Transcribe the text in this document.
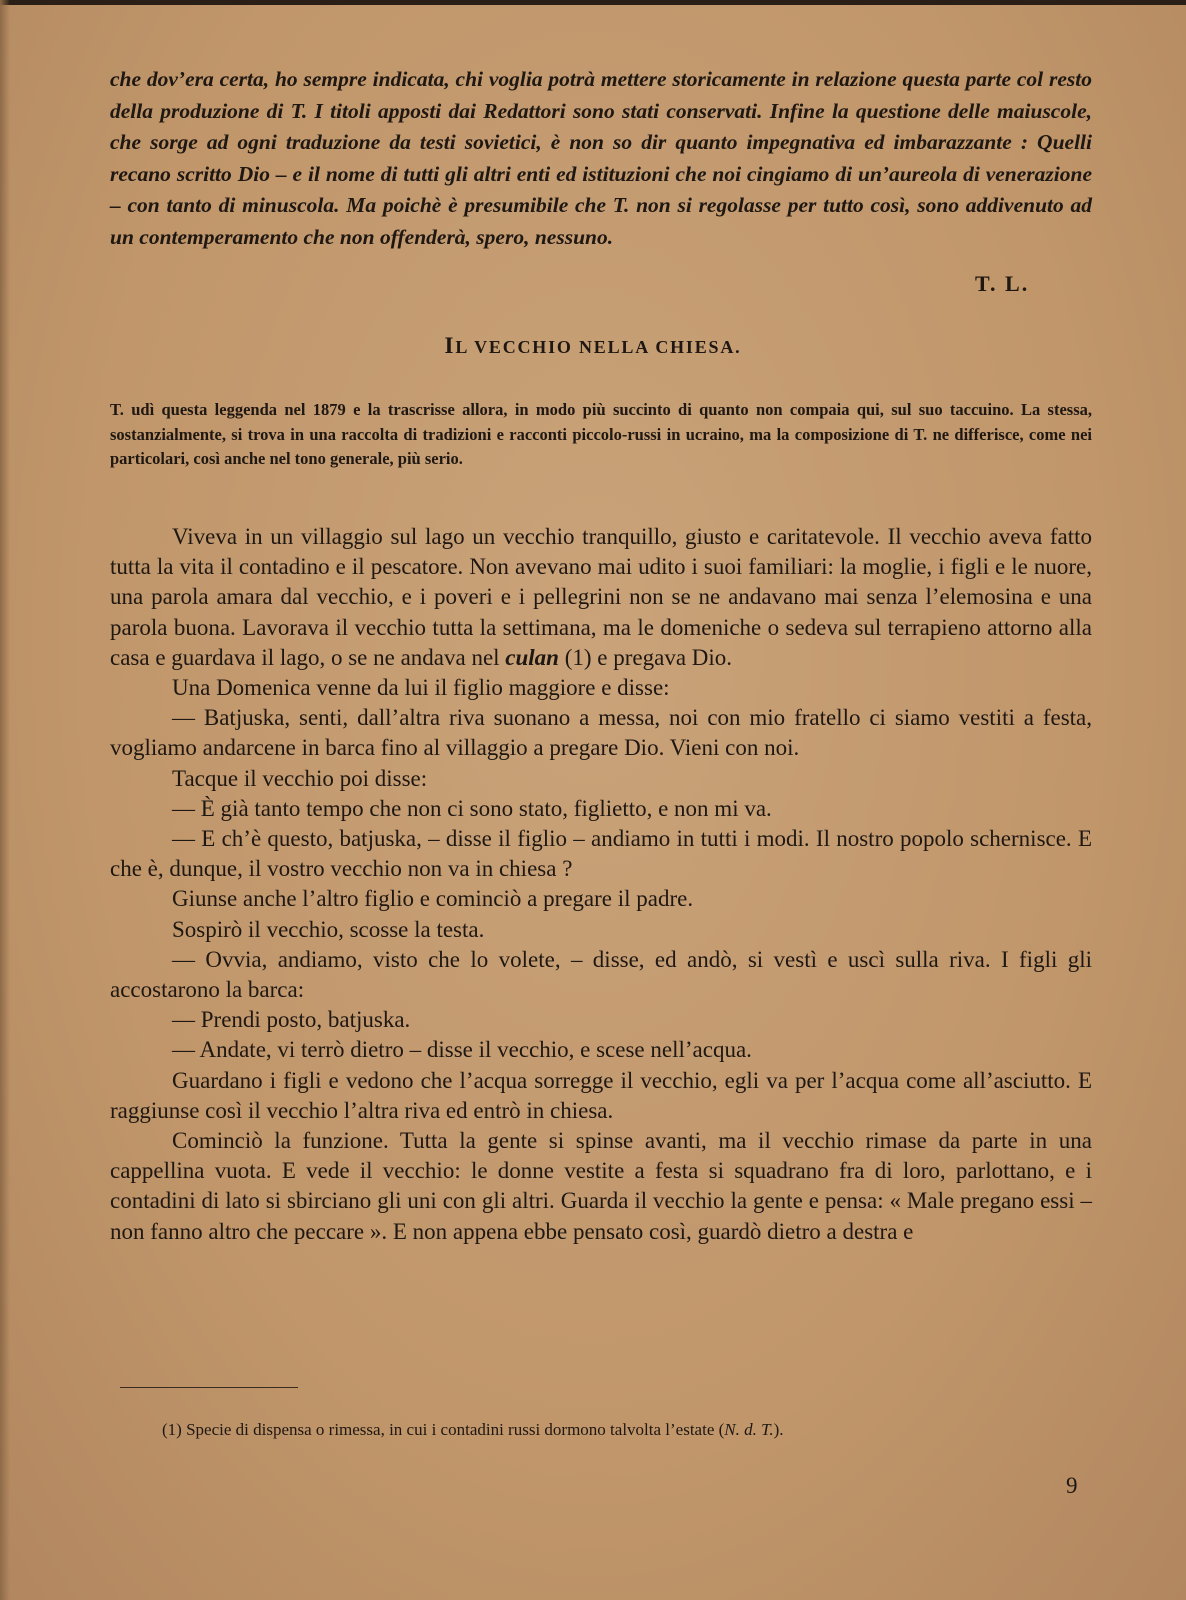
che dov’era certa, ho sempre indicata, chi voglia potrà mettere storicamente in relazione questa parte col resto della produzione di T. I titoli apposti dai Redattori sono stati conservati. Infine la questione delle maiuscole, che sorge ad ogni traduzione da testi sovietici, è non so dir quanto impegnativa ed imbarazzante : Quelli recano scritto Dio – e il nome di tutti gli altri enti ed istituzioni che noi cingiamo di un’aureola di venerazione – con tanto di minuscola. Ma poichè è presumibile che T. non si regolasse per tutto così, sono addivenuto ad un contemperamento che non offenderà, spero, nessuno.

T. L.
IL VECCHIO NELLA CHIESA.

T. udì questa leggenda nel 1879 e la trascrisse allora, in modo più succinto di quanto non compaia qui, sul suo taccuino. La stessa, sostanzialmente, si trova in una raccolta di tradizioni e racconti piccolo-russi in ucraino, ma la composizione di T. ne differisce, come nei particolari, così anche nel tono generale, più serio.

Viveva in un villaggio sul lago un vecchio tranquillo, giusto e caritatevole. Il vecchio aveva fatto tutta la vita il contadino e il pescatore. Non avevano mai udito i suoi familiari: la moglie, i figli e le nuore, una parola amara dal vecchio, e i poveri e i pellegrini non se ne andavano mai senza l’elemosina e una parola buona. Lavorava il vecchio tutta la settimana, ma le domeniche o sedeva sul terrapieno attorno alla casa e guardava il lago, o se ne andava nel culan (1) e pregava Dio.

Una Domenica venne da lui il figlio maggiore e disse:

— Batjuska, senti, dall’altra riva suonano a messa, noi con mio fratello ci siamo vestiti a festa, vogliamo andarcene in barca fino al villaggio a pregare Dio. Vieni con noi.

Tacque il vecchio poi disse:

— È già tanto tempo che non ci sono stato, figlietto, e non mi va.

— E ch’è questo, batjuska, – disse il figlio – andiamo in tutti i modi. Il nostro popolo schernisce. E che è, dunque, il vostro vecchio non va in chiesa ?

Giunse anche l’altro figlio e cominciò a pregare il padre.

Sospirò il vecchio, scosse la testa.

— Ovvia, andiamo, visto che lo volete, – disse, ed andò, si vestì e uscì sulla riva. I figli gli accostarono la barca:

— Prendi posto, batjuska.

— Andate, vi terrò dietro – disse il vecchio, e scese nell’acqua.

Guardano i figli e vedono che l’acqua sorregge il vecchio, egli va per l’acqua come all’asciutto. E raggiunse così il vecchio l’altra riva ed entrò in chiesa.

Cominciò la funzione. Tutta la gente si spinse avanti, ma il vecchio rimase da parte in una cappellina vuota. E vede il vecchio: le donne vestite a festa si squadrano fra di loro, parlottano, e i contadini di lato si sbirciano gli uni con gli altri. Guarda il vecchio la gente e pensa: « Male pregano essi – non fanno altro che peccare ». E non appena ebbe pensato così, guardò dietro a destra e

(1) Specie di dispensa o rimessa, in cui i contadini russi dormono talvolta l’estate (N. d. T.).

9
